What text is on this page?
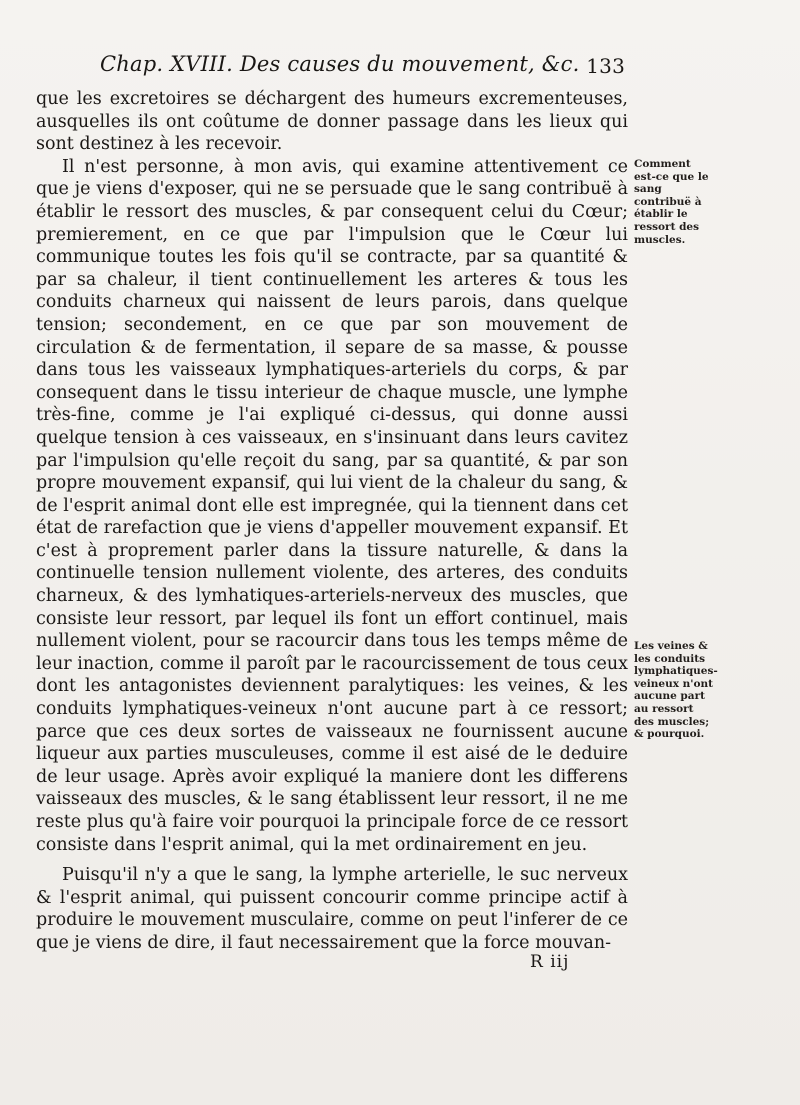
Chap. XVIII. Des causes du mouvement, &c. 133

que les excretoires se déchargent des humeurs excrementeuses, ausquelles ils ont coûtume de donner passage dans les lieux qui sont destinez à les recevoir.

Il n'est personne, à mon avis, qui examine attentivement ce que je viens d'exposer, qui ne se persuade que le sang contribuë à établir le ressort des muscles, & par consequent celui du Cœur; premierement, en ce que par l'impulsion que le Cœur lui communique toutes les fois qu'il se contracte, par sa quantité & par sa chaleur, il tient continuellement les arteres & tous les conduits charneux qui naissent de leurs parois, dans quelque tension; secondement, en ce que par son mouvement de circulation & de fermentation, il separe de sa masse, & pousse dans tous les vaisseaux lymphatiques-arteriels du corps, & par consequent dans le tissu interieur de chaque muscle, une lymphe très-fine, comme je l'ai expliqué ci-dessus, qui donne aussi quelque tension à ces vaisseaux, en s'insinuant dans leurs cavitez par l'impulsion qu'elle reçoit du sang, par sa quantité, & par son propre mouvement expansif, qui lui vient de la chaleur du sang, & de l'esprit animal dont elle est impregnée, qui la tiennent dans cet état de rarefaction que je viens d'appeller mouvement expansif. Et c'est à proprement parler dans la tissure naturelle, & dans la continuelle tension nullement violente, des arteres, des conduits charneux, & des lymhatiques-arteriels-nerveux des muscles, que consiste leur ressort, par lequel ils font un effort continuel, mais nullement violent, pour se racourcir dans tous les temps même de leur inaction, comme il paroît par le racourcissement de tous ceux dont les antagonistes deviennent paralytiques: les veines, & les conduits lymphatiques-veineux n'ont aucune part à ce ressort; parce que ces deux sortes de vaisseaux ne fournissent aucune liqueur aux parties musculeuses, comme il est aisé de le deduire de leur usage. Après avoir expliqué la maniere dont les differens vaisseaux des muscles, & le sang établissent leur ressort, il ne me reste plus qu'à faire voir pourquoi la principale force de ce ressort consiste dans l'esprit animal, qui la met ordinairement en jeu.

Puisqu'il n'y a que le sang, la lymphe arterielle, le suc nerveux & l'esprit animal, qui puissent concourir comme principe actif à produire le mouvement musculaire, comme on peut l'inferer de ce que je viens de dire, il faut necessairement que la force mouvan-

Comment est-ce que le sang contribuë à établir le ressort des muscles.
Les veines & les conduits lymphatiques-veineux n'ont aucune part au ressort des muscles; & pourquoi.
R iij
